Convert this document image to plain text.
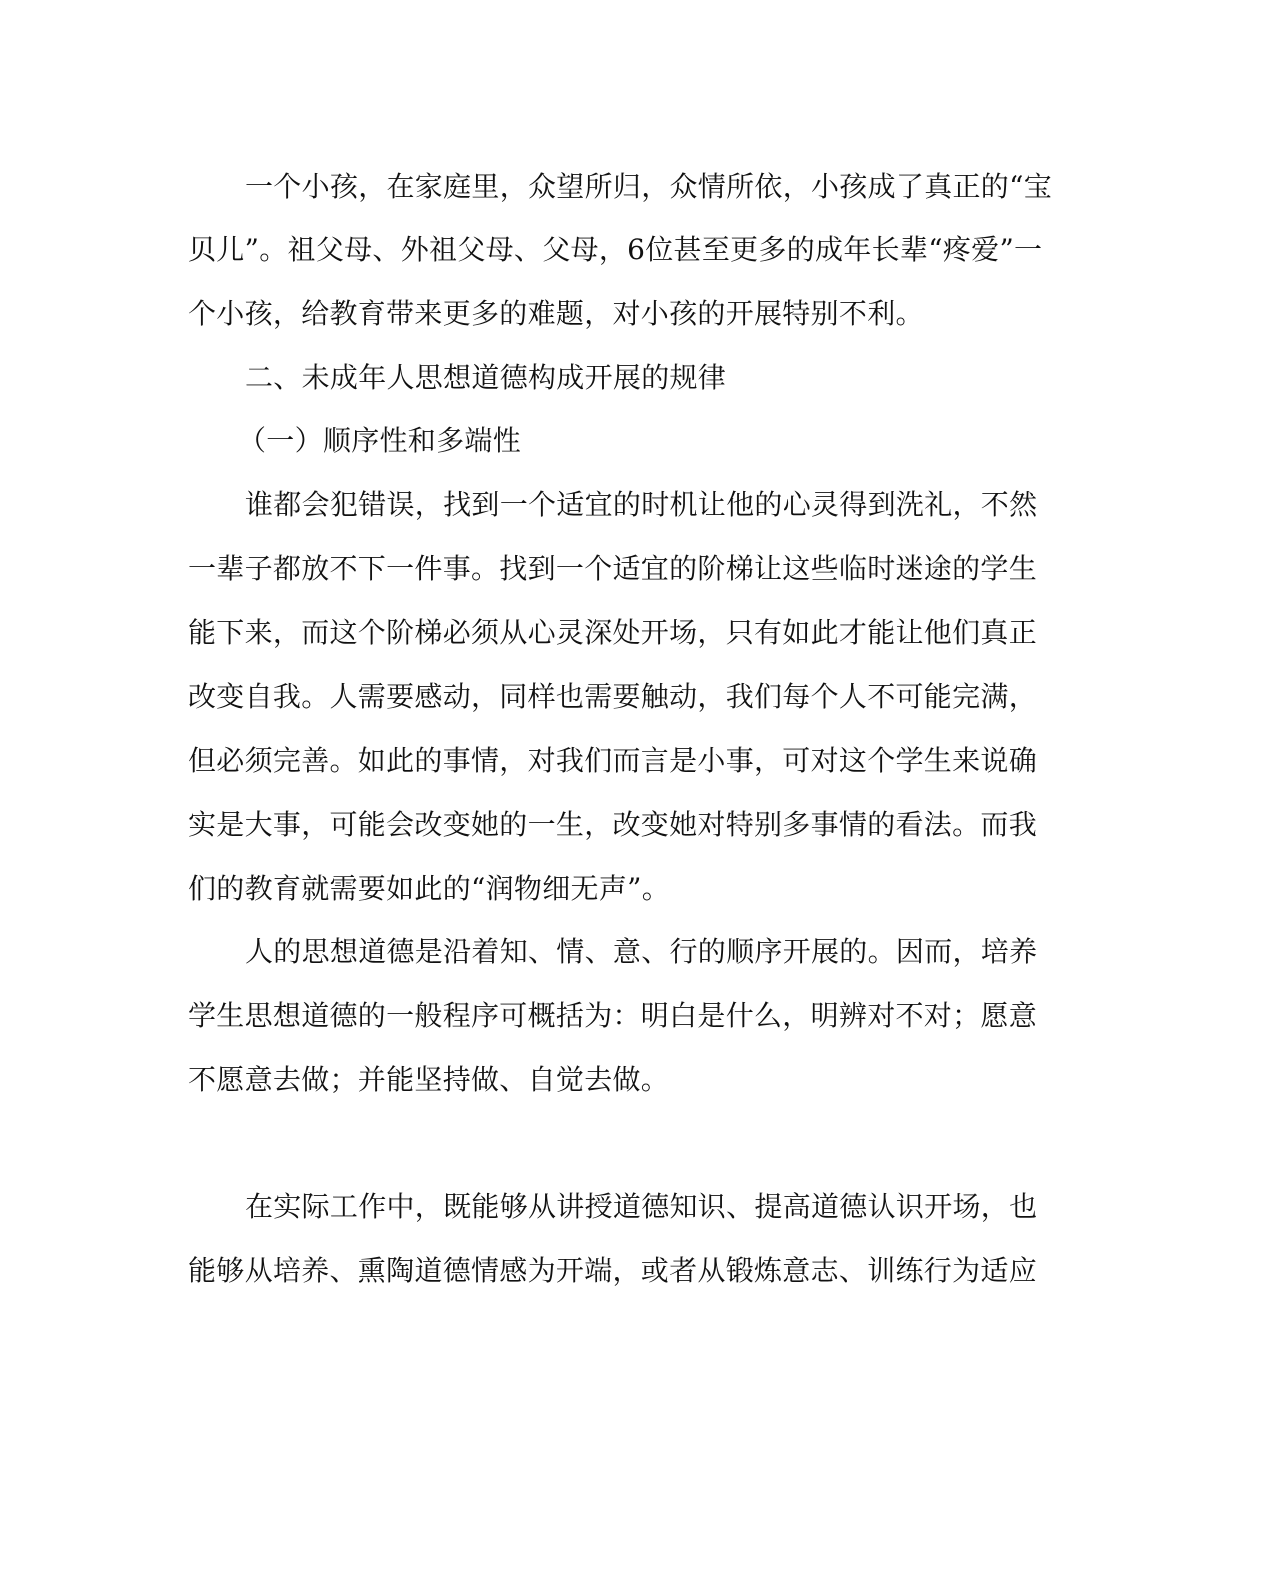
一个小孩，在家庭里，众望所归，众情所依，小孩成了真正的“宝
贝儿”。祖父母、外祖父母、父母，6位甚至更多的成年长辈“疼爱”一
个小孩，给教育带来更多的难题，对小孩的开展特别不利。
二、未成年人思想道德构成开展的规律
（一）顺序性和多端性
谁都会犯错误，找到一个适宜的时机让他的心灵得到洗礼，不然
一辈子都放不下一件事。找到一个适宜的阶梯让这些临时迷途的学生
能下来，而这个阶梯必须从心灵深处开场，只有如此才能让他们真正
改变自我。人需要感动，同样也需要触动，我们每个人不可能完满，
但必须完善。如此的事情，对我们而言是小事，可对这个学生来说确
实是大事，可能会改变她的一生，改变她对特别多事情的看法。而我
们的教育就需要如此的“润物细无声”。
人的思想道德是沿着知、情、意、行的顺序开展的。因而，培养
学生思想道德的一般程序可概括为：明白是什么，明辨对不对；愿意
不愿意去做；并能坚持做、自觉去做。
在实际工作中，既能够从讲授道德知识、提高道德认识开场，也
能够从培养、熏陶道德情感为开端，或者从锻炼意志、训练行为适应
